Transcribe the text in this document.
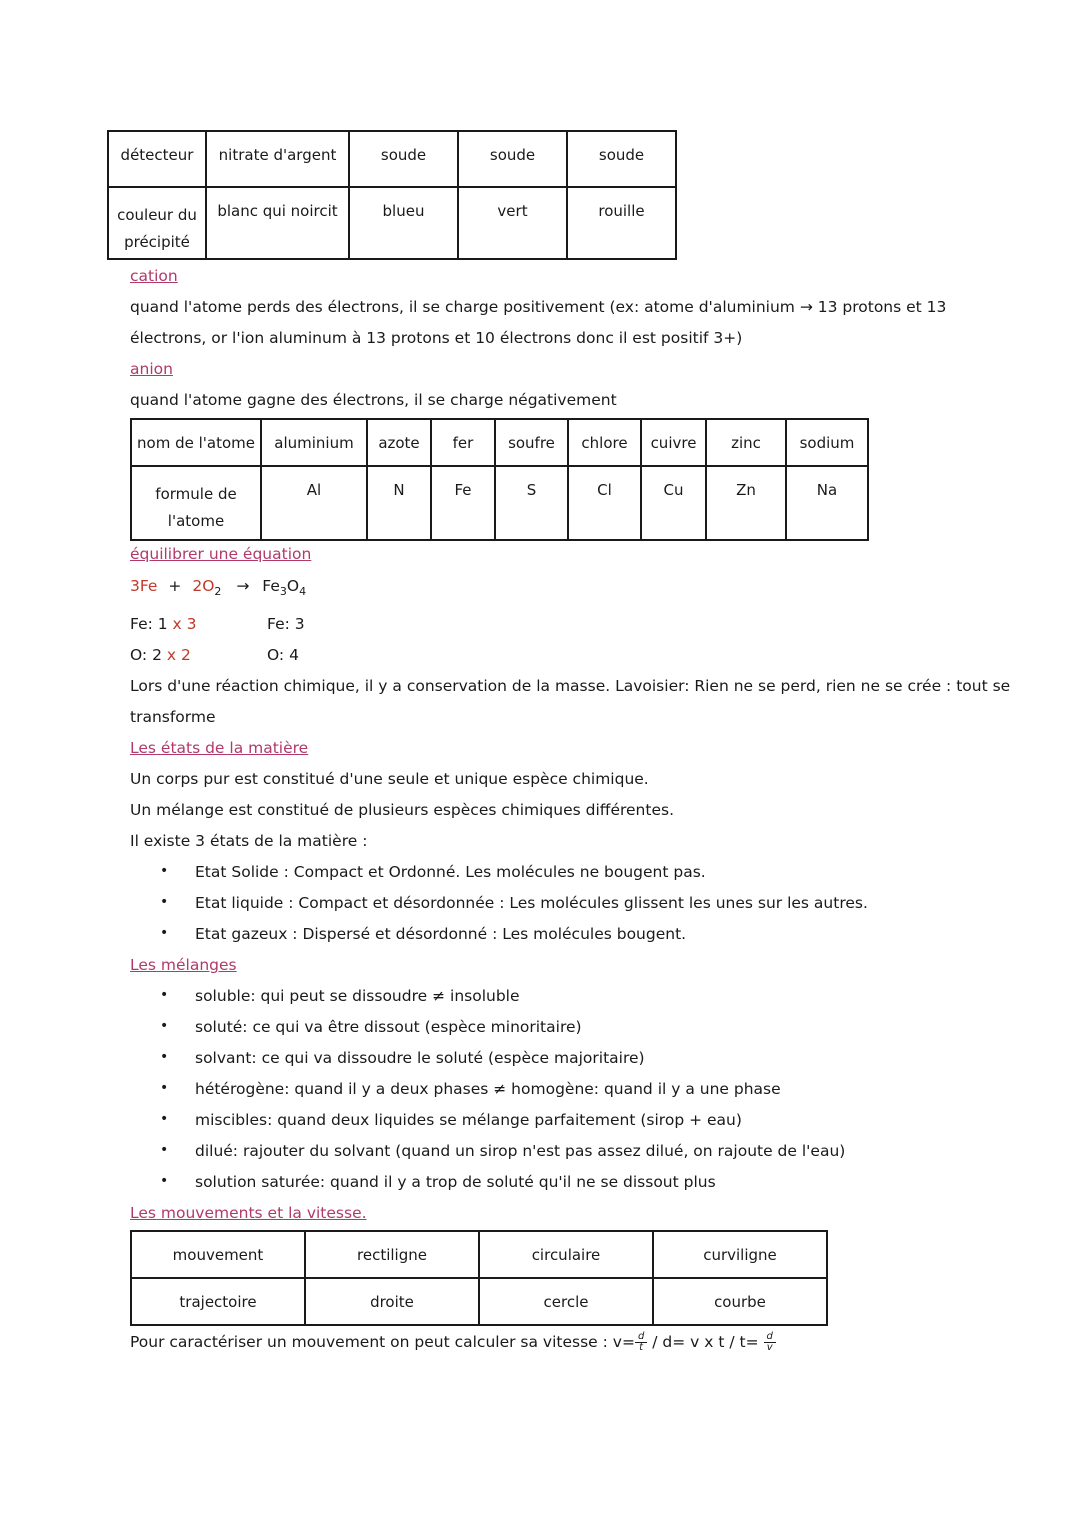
détecteur	nitrate d'argent	soude	soude	soude
couleur du précipité	blanc qui noircit	blueu	vert	rouille
cation
quand l'atome perds des électrons, il se charge positivement (ex: atome d'aluminium → 13 protons et 13
électrons, or l'ion aluminum à 13 protons et 10 électrons donc il est positif 3+)
anion
quand l'atome gagne des électrons, il se charge négativement
nom de l'atome	aluminium	azote	fer	soufre	chlore	cuivre	zinc	sodium
formule de l'atome	Al	N	Fe	S	Cl	Cu	Zn	Na
équilibrer une équation
$3Fe + 2O_2 \to Fe_3O_4$
Fe: 1 x 3
O: 2 x 2
Fe: 3
O: 4
Lors d'une réaction chimique, il y a conservation de la masse. Lavoisier: Rien ne se perd, rien ne se crée : tout se
transforme
Les états de la matière
Un corps pur est constitué d'une seule et unique espèce chimique.
Un mélange est constitué de plusieurs espèces chimiques différentes.
Il existe 3 états de la matière :
• Etat Solide : Compact et Ordonné. Les molécules ne bougent pas.
• Etat liquide : Compact et désordonnée : Les molécules glissent les unes sur les autres.
• Etat gazeux : Dispersé et désordonné : Les molécules bougent.
Les mélanges
• soluble: qui peut se dissoudre ≠ insoluble
• soluté: ce qui va être dissout (espèce minoritaire)
• solvant: ce qui va dissoudre le soluté (espèce majoritaire)
• hétérogène: quand il y a deux phases ≠ homogène: quand il y a une phase
• miscibles: quand deux liquides se mélange parfaitement (sirop + eau)
• dilué: rajouter du solvant (quand un sirop n'est pas assez dilué, on rajoute de l'eau)
• solution saturée: quand il y a trop de soluté qu'il ne se dissout plus
Les mouvements et la vitesse.
mouvement	rectiligne	circulaire	curviligne
trajectoire	droite	cercle	courbe
Pour caractériser un mouvement on peut calculer sa vitesse : $v= \frac{d}{t} / d= v$ x $t / t= \frac{d}{v}$
